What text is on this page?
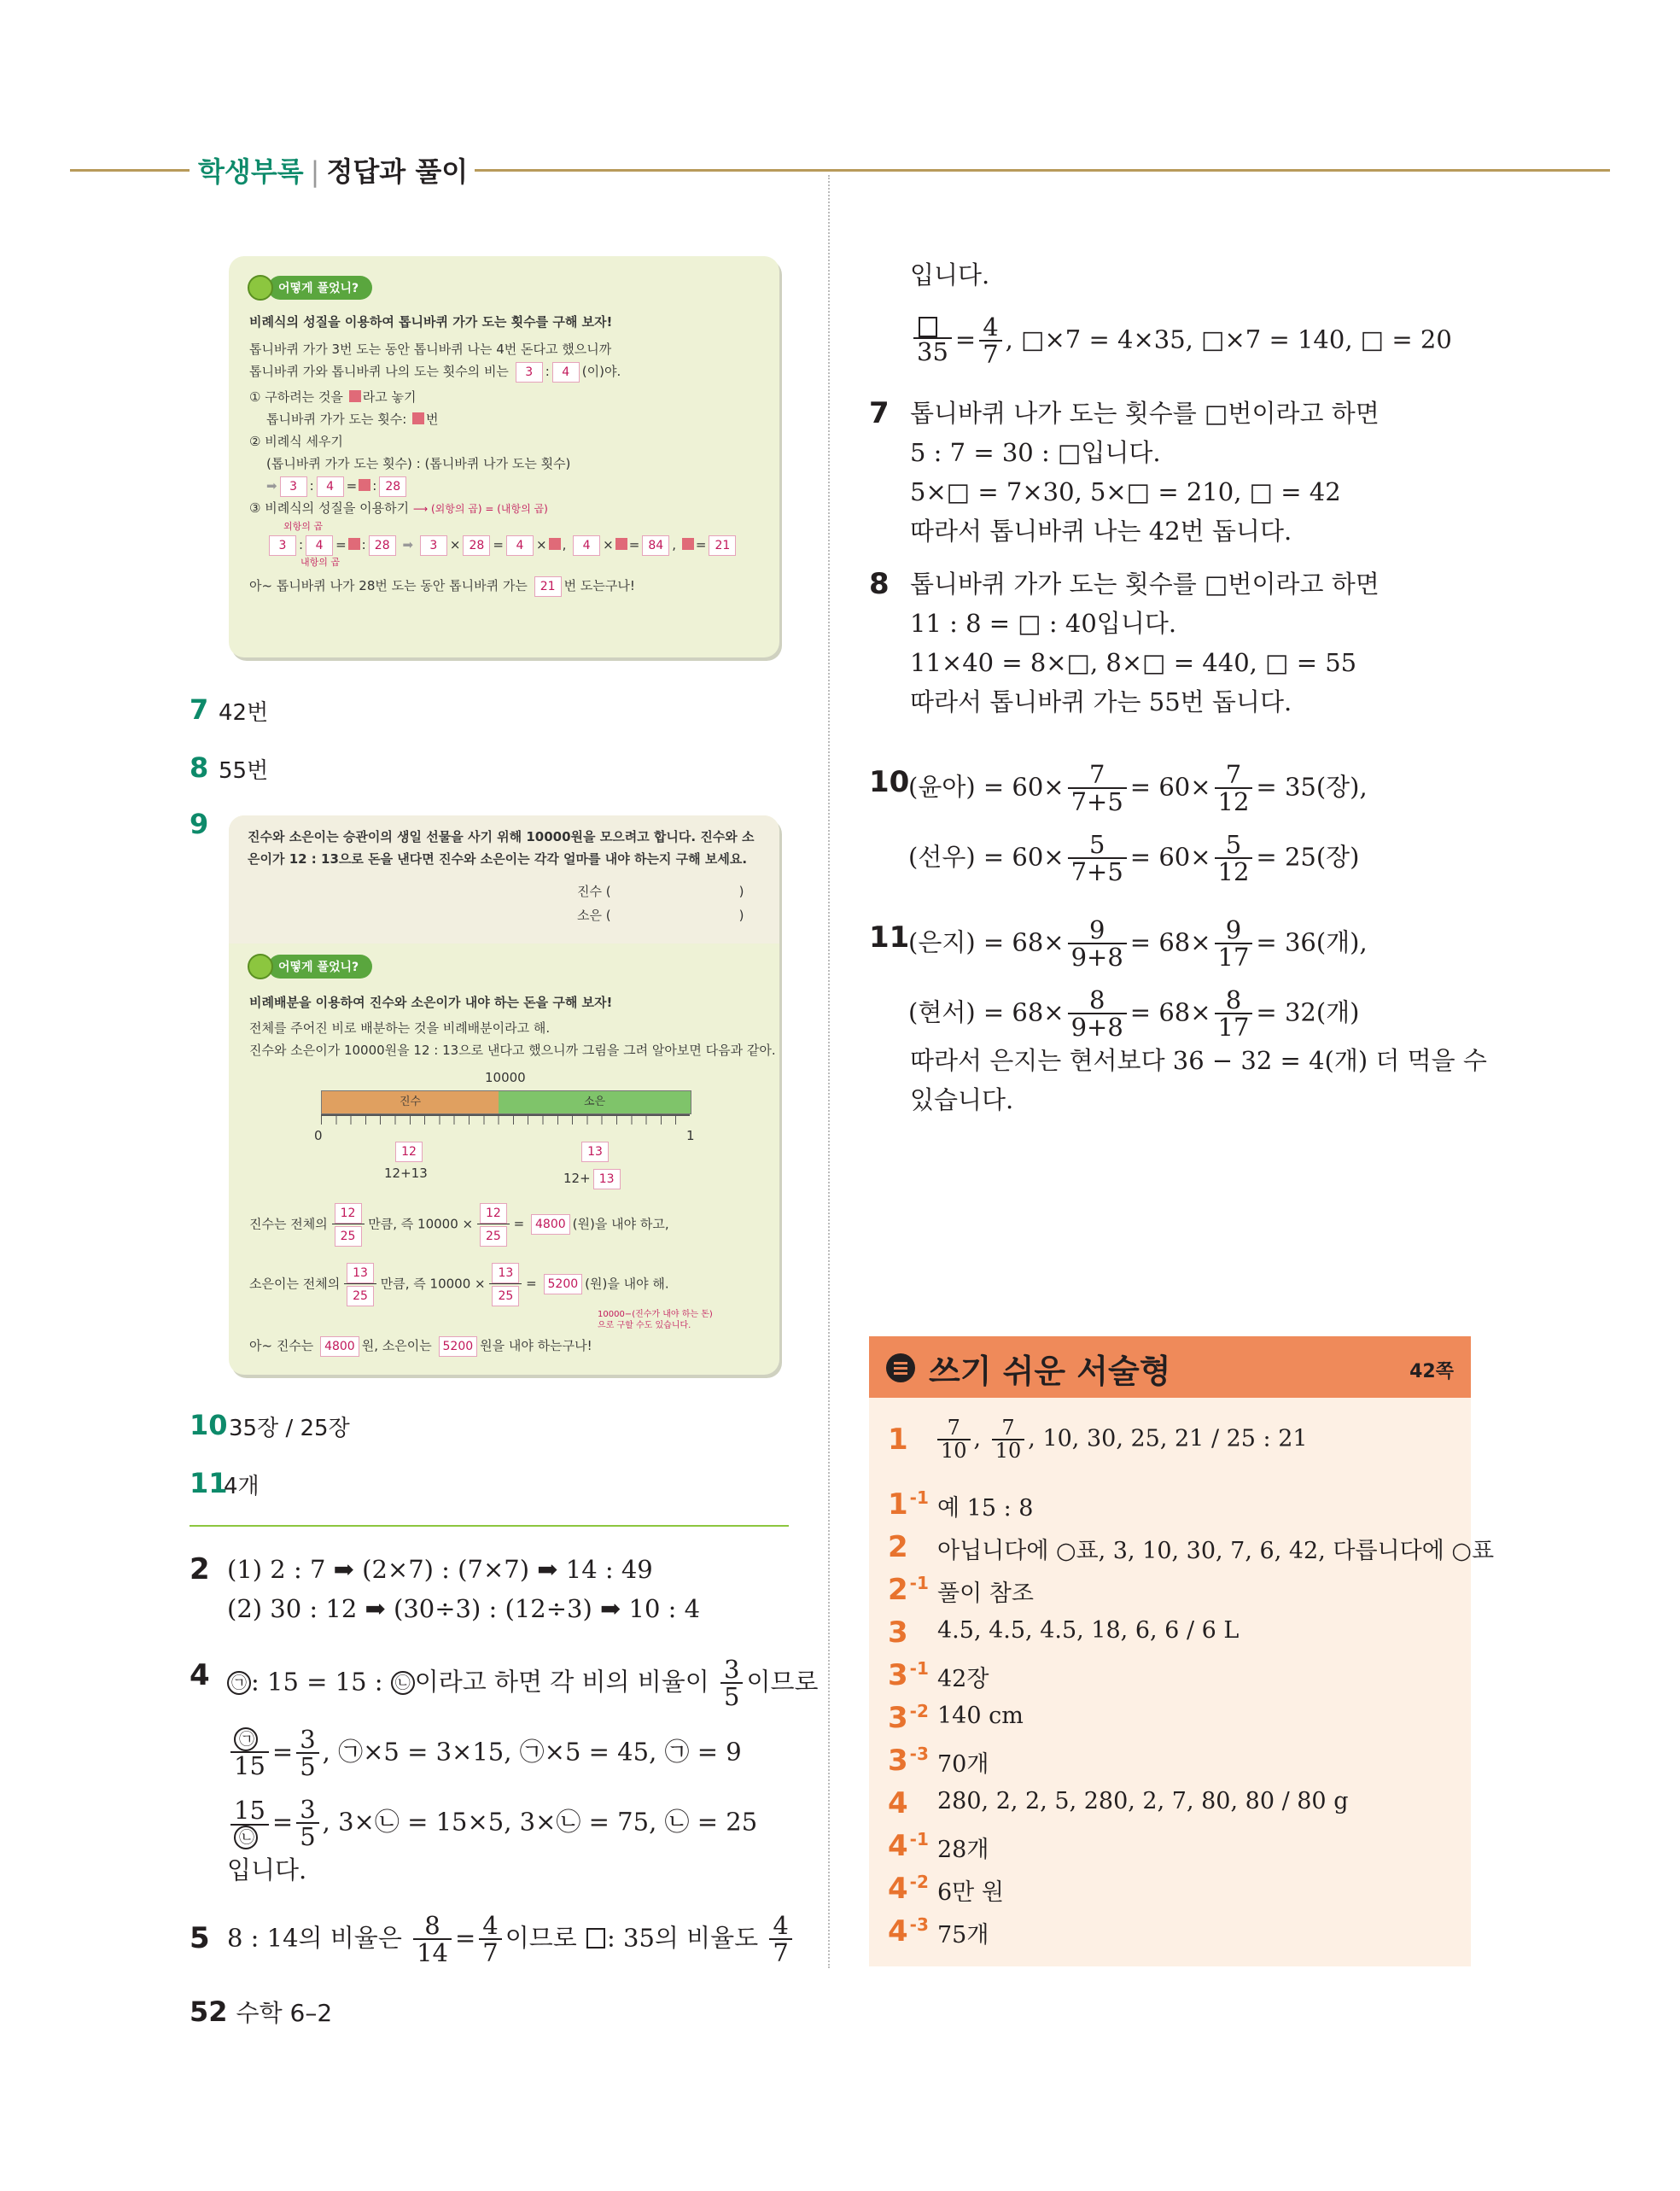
학생부록 | 정답과 풀이
어떻게 풀었니?
비례식의 성질을 이용하여 톱니바퀴 가가 도는 횟수를 구해 보자!
톱니바퀴 가가 3번 도는 동안 톱니바퀴 나는 4번 돈다고 했으니까
톱니바퀴 가와 톱니바퀴 나의 도는 횟수의 비는 3 : 4 (이)야.
① 구하려는 것을 라고 놓기
톱니바퀴 가가 도는 횟수: 번
② 비례식 세우기
(톱니바퀴 가가 도는 횟수) : (톱니바퀴 나가 도는 횟수)
➡ 3 : 4 = : 28
③ 비례식의 성질을 이용하기 ⟶ (외항의 곱) = (내항의 곱)
외항의 곱
3 : 4 = : 28 ➡ 3 × 28 = 4 × , 4 × = 84 , = 21
내항의 곱
아~ 톱니바퀴 나가 28번 도는 동안 톱니바퀴 가는 21 번 도는구나!
7 42번
8 55번
9	진수와 소은이는 승관이의 생일 선물을 사기 위해 10000원을 모으려고 합니다. 진수와 소
은이가 12 : 13으로 돈을 낸다면 진수와 소은이는 각각 얼마를 내야 하는지 구해 보세요.
진수 (	)
소은 (	)
어떻게 풀었니?
비례배분을 이용하여 진수와 소은이가 내야 하는 돈을 구해 보자!
전체를 주어진 비로 배분하는 것을 비례배분이라고 해.
진수와 소은이가 10000원을 12 : 13으로 낸다고 했으니까 그림을 그려 알아보면 다음과 같아.
10000
진수	소은
0	1
12
12+13
13
12+ 13
진수는 전체의 $\frac{12}{25}$ 만큼, 즉 $10000 \times \frac{12}{25} = 4800$ (원)을 내야 하고,
소은이는 전체의 $\frac{13}{25}$ 만큼, 즉 $10000 \times \frac{13}{25} = 5200$ (원)을 내야 해.
10000−(진수가 내야 하는 돈)
으로 구할 수도 있습니다.
아~ 진수는 4800 원, 소은이는 5200 원을 내야 하는구나!
10 35장 / 25장
11
4개
2 (1) 2 : 7 ➡ (2×7) : (7×7) ➡ 14 : 49
(2) 30 : 12 ➡ (30÷3) : (12÷3) ➡ 10 : 4
4 ㉠ : 15 = 15 : ㉡ 이라고 하면 각 비의 비율이 $\frac{3}{5}$ 이므로
$\frac{㉠}{15} = \frac{3}{5}$ , ㉠×5 = 3×15, ㉠×5 = 45, ㉠ = 9
$\frac{15}{㉡} = \frac{3}{5}$ , 3×㉡ = 15×5, 3×㉡ = 75, ㉡ = 25
입니다.
5 8 : 14의 비율은 $\frac{8}{14} = \frac{4}{7}$ 이므로 : 35의 비율도 $\frac{4}{7}$
입니다.
$35 = \frac{4}{7}$ , □×7 = 4×35, □×7 = 140, □ = 20
7 톱니바퀴 나가 도는 횟수를 □번이라고 하면
5 : 7 = 30 : □입니다.
5×□ = 7×30, 5×□ = 210, □ = 42
따라서 톱니바퀴 나는 42번 돕니다.
8 톱니바퀴 가가 도는 횟수를 □번이라고 하면
11 : 8 = □ : 40입니다.
11×40 = 8×□, 8×□ = 440, □ = 55
따라서 톱니바퀴 가는 55번 돕니다.
10
(윤아) = $60\times \frac{7}{7+5} = 60\times \frac{7}{12} = 35$(장),
(선우) = $60\times \frac{5}{7+5} = 60\times \frac{5}{12} = 25$(장)
11
(은지) = $68\times \frac{9}{9+8} = 68\times \frac{9}{17} = 36$(개),
(현서) = $68\times \frac{8}{9+8} = 68\times \frac{8}{17} = 32$(개)
따라서 은지는 현서보다 36 − 32 = 4(개) 더 먹을 수
있습니다.
쓰기 쉬운 서술형	42쪽
$1 \frac{7}{10}$ , $\frac{7}{10}$ , 10, 30, 25, 21 / 25 : 21
1 $^{-1}$ 예 15 : 8
2 아닙니다에 ○표, 3, 10, 30, 7, 6, 42, 다릅니다에 ○표
2 $^{-1}$ 풀이 참조
3 4.5, 4.5, 4.5, 18, 6, 6 / 6 L
3 $^{-1}$ 42장
3 $^{-2}$ 140 cm
3 $^{-3}$ 70개
4 280, 2, 2, 5, 280, 2, 7, 80, 80 / 80 g
4 $^{-1}$ 28개
4 $^{-2}$ 6만 원
4 $^{-3}$ 75개
52 수학 6–2
